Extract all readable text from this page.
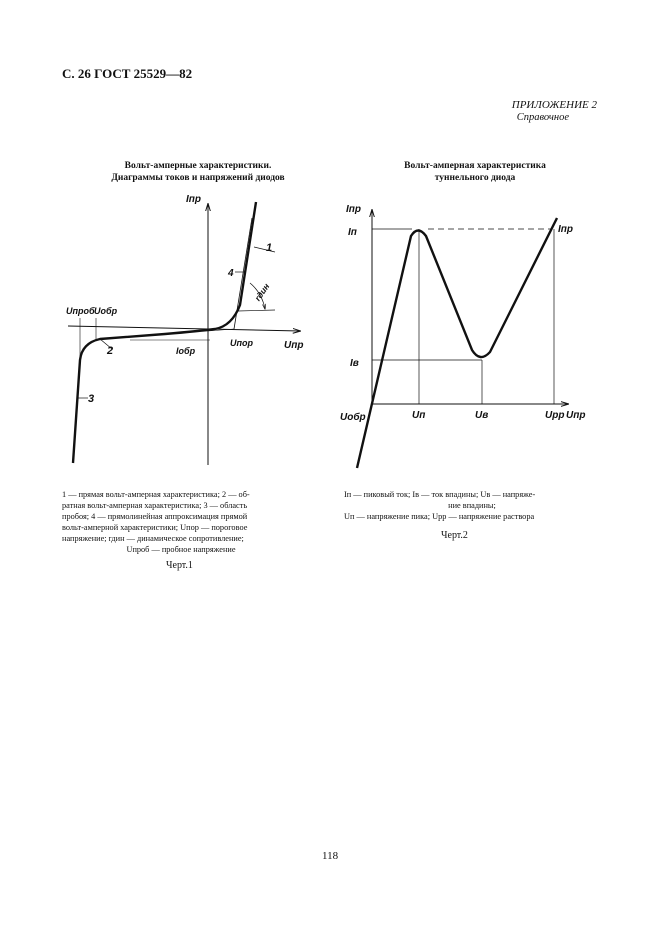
С. 26 ГОСТ 25529—82
ПРИЛОЖЕНИЕ 2
Справочное
Вольт-амперные характеристики.
Диаграммы токов и напряжений диодов
Вольт-амперная характеристика
туннельного диода
Iпр
Uпр
Uпроб Uобр
Iобр
Uпор
rдин
1
2
3
4
Iпр
Iп
Iв
Iпр
Uобр	Uп	Uв	Uрр Uпр
1 — прямая вольт-амперная характеристика; 2 — об-
ратная вольт-амперная характеристика; 3 — область
пробоя; 4 — прямолинейная аппроксимация прямой
вольт-амперной характеристики; Uпор — пороговое
напряжение; rдин — динамическое сопротивление;
Uпроб — пробное напряжение
Черт.1
Iп — пиковый ток; Iв — ток впадины; Uв — напряже-
ние впадины;
Uп — напряжение пика; Uрр — напряжение раствора
Черт.2
118
